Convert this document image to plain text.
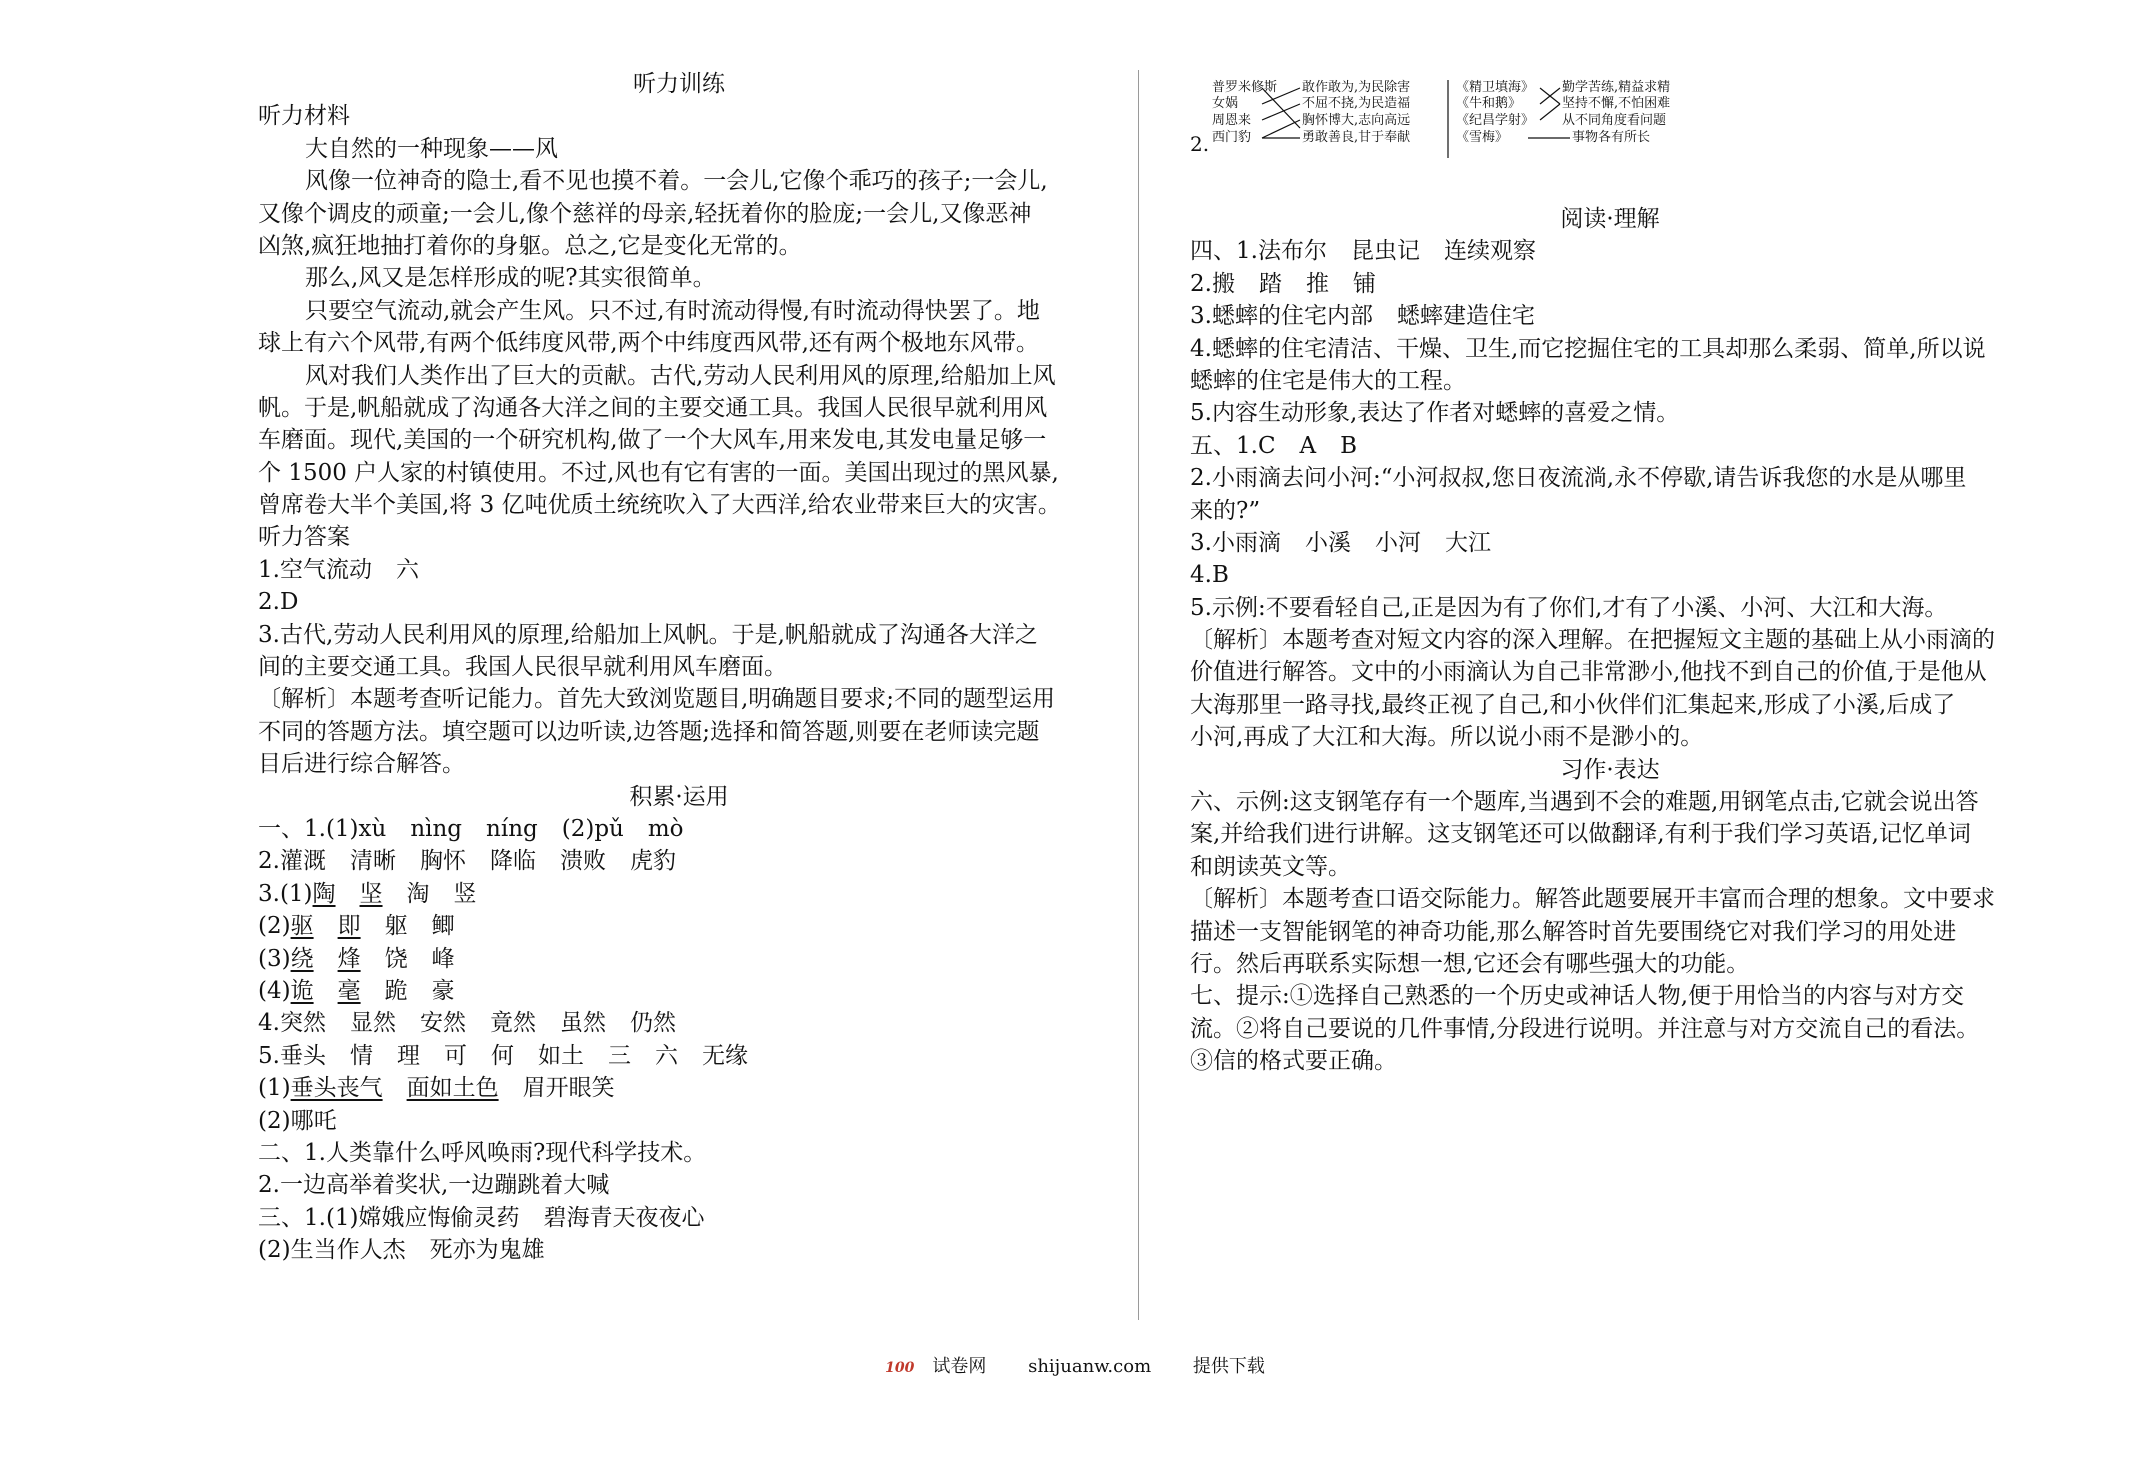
听力训练
听力材料
大自然的一种现象——风
风像一位神奇的隐士,看不见也摸不着。一会儿,它像个乖巧的孩子;一会儿,
又像个调皮的顽童;一会儿,像个慈祥的母亲,轻抚着你的脸庞;一会儿,又像恶神
凶煞,疯狂地抽打着你的身躯。总之,它是变化无常的。
那么,风又是怎样形成的呢?其实很简单。
只要空气流动,就会产生风。只不过,有时流动得慢,有时流动得快罢了。地
球上有六个风带,有两个低纬度风带,两个中纬度西风带,还有两个极地东风带。
风对我们人类作出了巨大的贡献。古代,劳动人民利用风的原理,给船加上风
帆。于是,帆船就成了沟通各大洋之间的主要交通工具。我国人民很早就利用风
车磨面。现代,美国的一个研究机构,做了一个大风车,用来发电,其发电量足够一
个 1500 户人家的村镇使用。不过,风也有它有害的一面。美国出现过的黑风暴,
曾席卷大半个美国,将 3 亿吨优质土统统吹入了大西洋,给农业带来巨大的灾害。
听力答案
1.空气流动 六
2.D
3.古代,劳动人民利用风的原理,给船加上风帆。于是,帆船就成了沟通各大洋之
间的主要交通工具。我国人民很早就利用风车磨面。
〔解析〕本题考查听记能力。首先大致浏览题目,明确题目要求;不同的题型运用
不同的答题方法。填空题可以边听读,边答题;选择和简答题,则要在老师读完题
目后进行综合解答。
积累·运用
一、1.(1)xù nìng níng (2)pǔ mò
2.灌溉 清晰 胸怀 降临 溃败 虎豹
3.(1)陶 坚 淘 竖
(2)驱 即 躯 鲫
(3)绕 烽 饶 峰
(4)诡 毫 跪 豪
4.突然 显然 安然 竟然 虽然 仍然
5.垂头 情 理 可 何 如土 三 六 无缘
(1)垂头丧气 面如土色 眉开眼笑
(2)哪吒
二、1.人类靠什么呼风唤雨?现代科学技术。
2.一边高举着奖状,一边蹦跳着大喊
三、1.(1)嫦娥应悔偷灵药 碧海青天夜夜心
(2)生当作人杰 死亦为鬼雄
2.
普罗米修斯
女娲
周恩来
西门豹
敢作敢为,为民除害
不屈不挠,为民造福
胸怀博大,志向高远
勇敢善良,甘于奉献
《精卫填海》
《牛和鹅》
《纪昌学射》
《雪梅》
勤学苦练,精益求精
坚持不懈,不怕困难
从不同角度看问题
事物各有所长
阅读·理解
四、1.法布尔 昆虫记 连续观察
2.搬 踏 推 铺
3.蟋蟀的住宅内部 蟋蟀建造住宅
4.蟋蟀的住宅清洁、干燥、卫生,而它挖掘住宅的工具却那么柔弱、简单,所以说
蟋蟀的住宅是伟大的工程。
5.内容生动形象,表达了作者对蟋蟀的喜爱之情。
五、1.C A B
2.小雨滴去问小河:“小河叔叔,您日夜流淌,永不停歇,请告诉我您的水是从哪里
来的?”
3.小雨滴 小溪 小河 大江
4.B
5.示例:不要看轻自己,正是因为有了你们,才有了小溪、小河、大江和大海。
〔解析〕本题考查对短文内容的深入理解。在把握短文主题的基础上从小雨滴的
价值进行解答。文中的小雨滴认为自己非常渺小,他找不到自己的价值,于是他从
大海那里一路寻找,最终正视了自己,和小伙伴们汇集起来,形成了小溪,后成了
小河,再成了大江和大海。所以说小雨不是渺小的。
习作·表达
六、示例:这支钢笔存有一个题库,当遇到不会的难题,用钢笔点击,它就会说出答
案,并给我们进行讲解。这支钢笔还可以做翻译,有利于我们学习英语,记忆单词
和朗读英文等。
〔解析〕本题考查口语交际能力。解答此题要展开丰富而合理的想象。文中要求
描述一支智能钢笔的神奇功能,那么解答时首先要围绕它对我们学习的用处进
行。然后再联系实际想一想,它还会有哪些强大的功能。
七、提示:①选择自己熟悉的一个历史或神话人物,便于用恰当的内容与对方交
流。②将自己要说的几件事情,分段进行说明。并注意与对方交流自己的看法。
③信的格式要正确。
100 试卷网 shijuanw.com 提供下载
